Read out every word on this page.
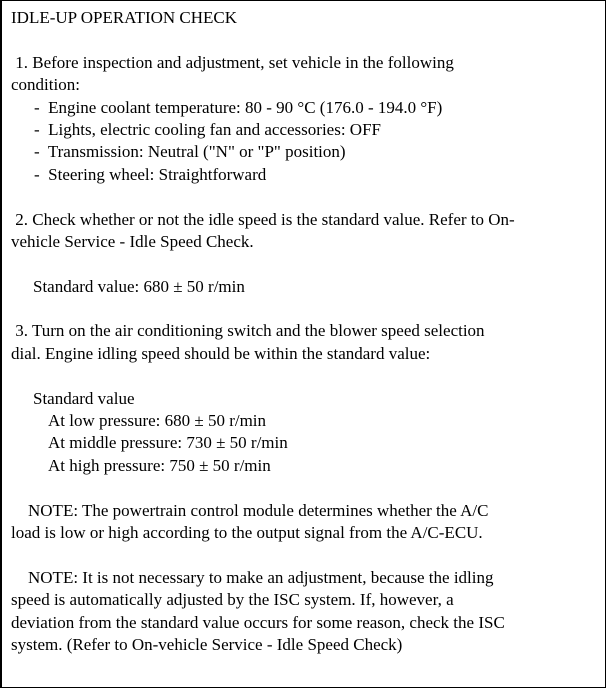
IDLE-UP OPERATION CHECK
1. Before inspection and adjustment, set vehicle in the following
condition:
-  Engine coolant temperature: 80 - 90 °C (176.0 - 194.0 °F)
-  Lights, electric cooling fan and accessories: OFF
-  Transmission: Neutral ("N" or "P" position)
-  Steering wheel: Straightforward
2. Check whether or not the idle speed is the standard value. Refer to On-
vehicle Service - Idle Speed Check.
Standard value: 680 ± 50 r/min
3. Turn on the air conditioning switch and the blower speed selection
dial. Engine idling speed should be within the standard value:
Standard value
At low pressure: 680 ± 50 r/min
At middle pressure: 730 ± 50 r/min
At high pressure: 750 ± 50 r/min
NOTE: The powertrain control module determines whether the A/C
load is low or high according to the output signal from the A/C-ECU.
NOTE: It is not necessary to make an adjustment, because the idling
speed is automatically adjusted by the ISC system. If, however, a
deviation from the standard value occurs for some reason, check the ISC
system. (Refer to On-vehicle Service - Idle Speed Check)
